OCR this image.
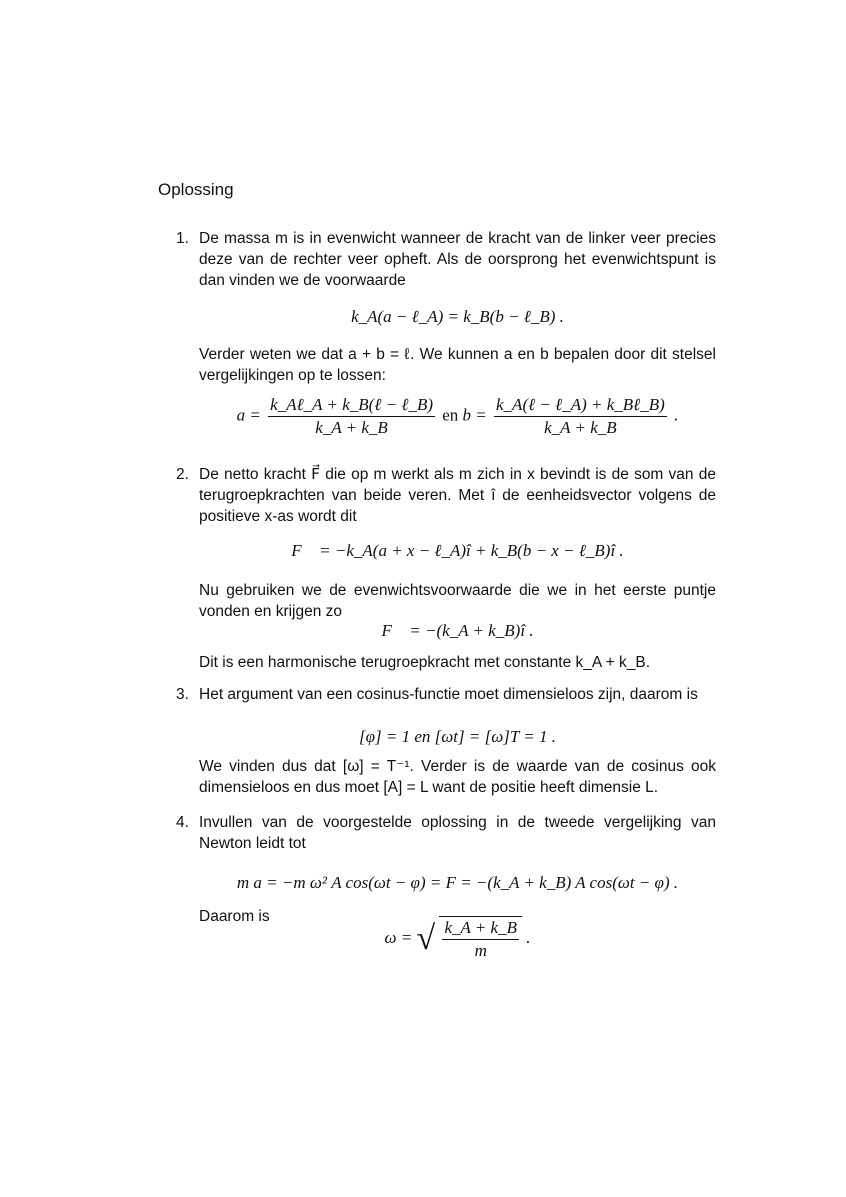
Oplossing
1. De massa m is in evenwicht wanneer de kracht van de linker veer precies deze van de rechter veer opheft. Als de oorsprong het evenwichtspunt is dan vinden we de voorwaarde

k_A(a − ℓ_A) = k_B(b − ℓ_B) .

Verder weten we dat a + b = ℓ. We kunnen a en b bepalen door dit stelsel vergelijkingen op te lossen:

$a = \frac{\text{k\_Aℓ\_A + k\_B(ℓ − ℓ\_B)}}{k\_A + k\_B}$ en $b = \frac{\text{k\_A(ℓ − ℓ\_A) + k\_Bℓ\_B)}}{k\_A + k\_B}$ .
2. De netto kracht F⃗ die op m werkt als m zich in x bevindt is de som van de terugroepkrachten van beide veren. Met î de eenheidsvector volgens de positieve x-as wordt dit

F⃗ = −k_A(a + x − ℓ_A)î + k_B(b − x − ℓ_B)î .

Nu gebruiken we de evenwichtsvoorwaarde die we in het eerste puntje vonden en krijgen zo

F⃗ = −(k_A + k_B)î .

Dit is een harmonische terugroepkracht met constante k_A + k_B.

3. Het argument van een cosinus-functie moet dimensieloos zijn, daarom is

[φ] = 1 en [ωt] = [ω]T = 1 .

We vinden dus dat [ω] = T⁻¹. Verder is de waarde van de cosinus ook dimensieloos en dus moet [A] = L want de positie heeft dimensie L.

4. Invullen van de voorgestelde oplossing in de tweede vergelijking van Newton leidt tot

m a = −m ω² A cos(ωt − φ) = F = −(k_A + k_B) A cos(ωt − φ) .

Daarom is

ω = √ $\frac{k\_A + k\_B}{m}$ .
